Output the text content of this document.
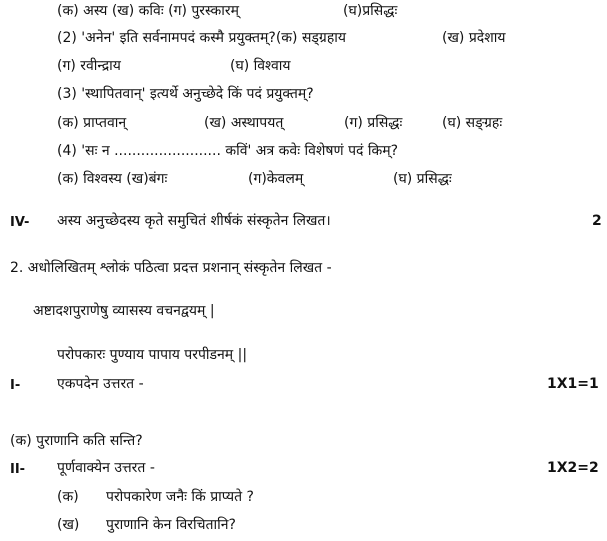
(क) अस्य (ख) कविः (ग) पुरस्कारम्	(घ)प्रसिद्धः
(2) 'अनेन' इति सर्वनामपदं कस्मै प्रयुक्तम्?(क) सड्ग्रहाय	(ख) प्रदेशाय
(ग) रवीन्द्राय	(घ) विश्वाय
(3) 'स्थापितवान्' इत्यर्थे अनुच्छेदे किं पदं प्रयुक्तम्?
(क) प्राप्तवान्	(ख) अस्थापयत्	(ग) प्रसिद्धः	(घ) सङ्ग्रहः
(4) 'सः न ........................ कविं' अत्र कवेः विशेषणं पदं किम्?
(क) विश्वस्य (ख)बंगः	(ग)केवलम्	(घ) प्रसिद्धः
IV- अस्य अनुच्छेदस्य कृते समुचितं शीर्षकं संस्कृतेन लिखत।	2
2. अधोलिखितम् श्लोकं पठित्वा प्रदत्त प्रशनान् संस्कृतेन लिखत -
अष्टादशपुराणेषु व्यासस्य वचनद्वयम् |
परोपकारः पुण्याय पापाय परपीडनम् ||
I-	एकपदेन उत्तरत -	1X1=1
(क) पुराणानि कति सन्ति?
II- पूर्णवाक्येन उत्तरत -	1X2=2
(क) परोपकारेण जनैः किं प्राप्यते ?
(ख) पुराणानि केन विरचितानि?
